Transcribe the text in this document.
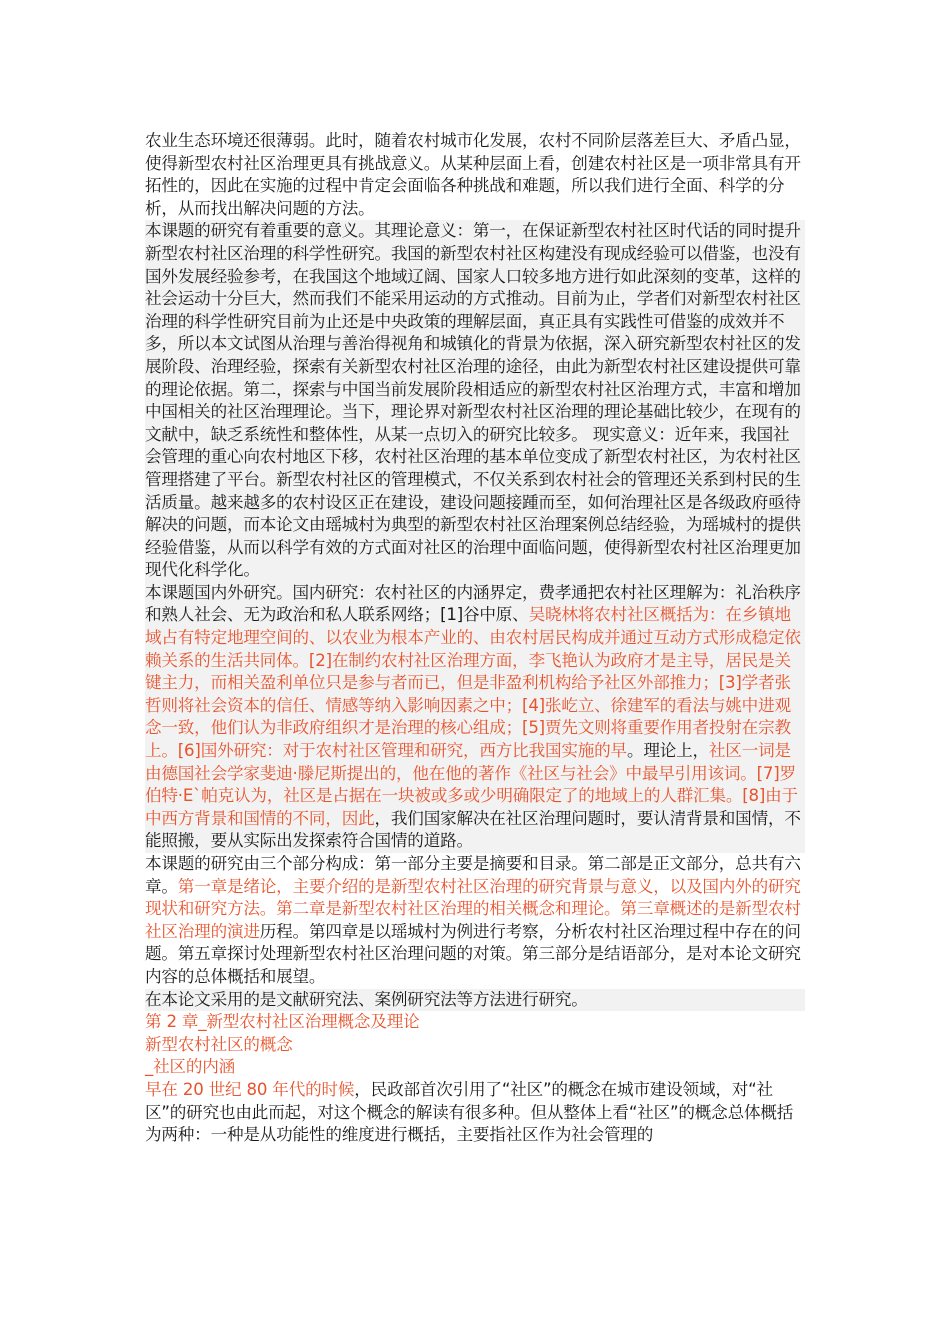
农业生态环境还很薄弱。此时，随着农村城市化发展，农村不同阶层落差巨大、矛盾凸显，使得新型农村社区治理更具有挑战意义。从某种层面上看，创建农村社区是一项非常具有开拓性的，因此在实施的过程中肯定会面临各种挑战和难题，所以我们进行全面、科学的分析，从而找出解决问题的方法。

本课题的研究有着重要的意义。其理论意义：第一，在保证新型农村社区时代话的同时提升新型农村社区治理的科学性研究。我国的新型农村社区构建没有现成经验可以借鉴，也没有国外发展经验参考，在我国这个地域辽阔、国家人口较多地方进行如此深刻的变革，这样的社会运动十分巨大，然而我们不能采用运动的方式推动。目前为止，学者们对新型农村社区治理的科学性研究目前为止还是中央政策的理解层面，真正具有实践性可借鉴的成效并不多，所以本文试图从治理与善治得视角和城镇化的背景为依据，深入研究新型农村社区的发展阶段、治理经验，探索有关新型农村社区治理的途径，由此为新型农村社区建设提供可靠的理论依据。第二，探索与中国当前发展阶段相适应的新型农村社区治理方式，丰富和增加中国相关的社区治理理论。当下，理论界对新型农村社区治理的理论基础比较少，在现有的文献中，缺乏系统性和整体性，从某一点切入的研究比较多。 现实意义：近年来，我国社会管理的重心向农村地区下移，农村社区治理的基本单位变成了新型农村社区，为农村社区管理搭建了平台。新型农村社区的管理模式，不仅关系到农村社会的管理还关系到村民的生活质量。越来越多的农村设区正在建设，建设问题接踵而至，如何治理社区是各级政府亟待解决的问题，而本论文由瑶城村为典型的新型农村社区治理案例总结经验，为瑶城村的提供经验借鉴，从而以科学有效的方式面对社区的治理中面临问题，使得新型农村社区治理更加现代化科学化。

本课题国内外研究。国内研究：农村社区的内涵界定，费孝通把农村社区理解为：礼治秩序和熟人社会、无为政治和私人联系网络；[1]谷中原、吴晓林将农村社区概括为：在乡镇地域占有特定地理空间的、以农业为根本产业的、由农村居民构成并通过互动方式形成稳定依赖关系的生活共同体。[2]在制约农村社区治理方面，李飞艳认为政府才是主导，居民是关键主力，而相关盈利单位只是参与者而已，但是非盈利机构给予社区外部推力；[3]学者张哲则将社会资本的信任、情感等纳入影响因素之中；[4]张屹立、徐建军的看法与姚中进观念一致，他们认为非政府组织才是治理的核心组成；[5]贾先文则将重要作用者投射在宗教上。[6]国外研究：对于农村社区管理和研究，西方比我国实施的早。理论上，社区一词是由德国社会学家斐迪·滕尼斯提出的，他在他的著作《社区与社会》中最早引用该词。[7]罗伯特·E`帕克认为，社区是占据在一块被或多或少明确限定了的地域上的人群汇集。[8]由于中西方背景和国情的不同，因此，我们国家解决在社区治理问题时，要认清背景和国情，不能照搬，要从实际出发探索符合国情的道路。

本课题的研究由三个部分构成：第一部分主要是摘要和目录。第二部是正文部分，总共有六章。第一章是绪论，主要介绍的是新型农村社区治理的研究背景与意义，以及国内外的研究现状和研究方法。第二章是新型农村社区治理的相关概念和理论。第三章概述的是新型农村社区治理的演进历程。第四章是以瑶城村为例进行考察，分析农村社区治理过程中存在的问题。第五章探讨处理新型农村社区治理问题的对策。第三部分是结语部分，是对本论文研究内容的总体概括和展望。

在本论文采用的是文献研究法、案例研究法等方法进行研究。

第 2 章_新型农村社区治理概念及理论

新型农村社区的概念

_社区的内涵

早在 20 世纪 80 年代的时候，民政部首次引用了“社区”的概念在城市建设领域，对“社区”的研究也由此而起，对这个概念的解读有很多种。但从整体上看“社区”的概念总体概括为两种：一种是从功能性的维度进行概括，主要指社区作为社会管理的
